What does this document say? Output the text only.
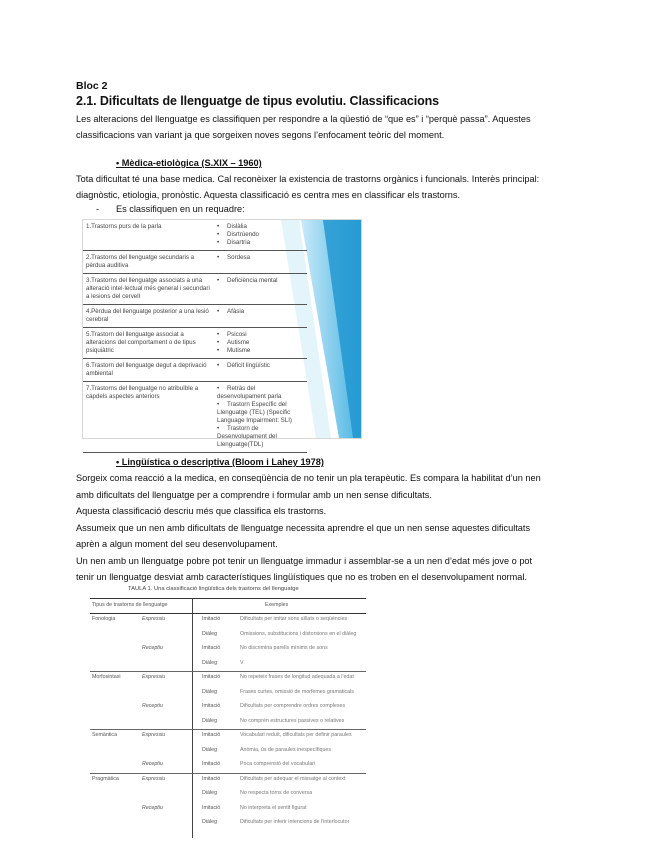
Bloc 2
2.1. Dificultats de llenguatge de tipus evolutiu. Classificacions
Les alteracions del llenguatge es classifiquen per respondre a la qüestió de “que es” i “perquè passa”. Aquestes
classificacions van variant ja que sorgeixen noves segons l’enfocament teòric del moment.
• Mèdica-etiològica (S.XIX – 1960)
Tota dificultat té una base medica. Cal reconèixer la existencia de trastorns orgànics i funcionals. Interès principal:
diagnòstic, etiologia, pronòstic. Aquesta classificació es centra mes en classificar els trastorns.
- Es classifiquen en un requadre:
1.Trastorns purs de la parla
•	Dislàlia
• Disrtrúendo
• Disartria
2.Trastorns del llenguatge secundaris a pèrdua auditiva
• Sordesa
3.Trastorns del llenguatge associats a una alteració intel·lectual més general i secundari a lesions del cervell
• Deficiència mental
4.Pèrdua del llenguatge posterior a una lesió cerebral
• Afàsia
5.Trastorn del llenguatge associat a alteracions del comportament o de tipus psiquiàtric
• Psicosi
• Autisme
• Mutisme
6.Trastorn del llenguatge degut a deprivació ambiental
• Dèficit lingüístic
7.Trastorns del llenguatge no atribuïble a capdels aspectes anteriors
• Retràs del desenvolupament parla
• Trastorn Específic del Llenguatge (TEL) (Specific Language Impairment: SLI)
• Trastorn de Desenvolupament del Llenguatge(TDL)
• Lingüística o descriptiva (Bloom i Lahey 1978)
Sorgeix coma reacció a la medica, en conseqüència de no tenir un pla terapèutic. Es compara la habilitat d’un nen
amb dificultats del llenguatge per a comprendre i formular amb un nen sense dificultats.
Aquesta classificació descriu més que classifica els trastorns.
Assumeix que un nen amb dificultats de llenguatge necessita aprendre el que un nen sense aquestes dificultats
aprèn a algun moment del seu desenvolupament.
Un nen amb un llenguatge pobre pot tenir un llenguatge immadur i assemblar-se a un nen d’edat més jove o pot
tenir un llenguatge desviat amb característiques lingüístiques que no es troben en el desenvolupament normal.
TAULA 1. Una classificació lingüística dels trastorns del llenguatge
Tipus de trastorns de llenguatge	Exemples
Fonologia	Expressiu	Imitació	Dificultats per imitar sons aïllats o seqüències
Diàleg	Omissions, substitucions i distorsions en el diàleg
Receptiu	Imitació	No discrimina parells mínims de sons
Diàleg	V
Morfosintaxi	Expressiu	Imitació	No repeteix frases de longitud adequada a l'edat
Diàleg	Frases curtes, omissió de morfemes gramaticals
Receptiu	Imitació	Dificultats per comprendre ordres complexes
Diàleg	No comprèn estructures passives o relatives
Semàntica	Expressiu	Imitació	Vocabulari reduït, dificultats per definir paraules
Diàleg	Anòmia, ús de paraules inespecífiques
Receptiu	Imitació	Poca comprensió del vocabulari
Pragmàtica	Expressiu	Imitació	Dificultats per adequar el missatge al context
Diàleg	No respecta torns de conversa
Receptiu	Imitació	No interpreta el sentit figurat
Diàleg	Dificultats per inferir intencions de l'interlocutor
